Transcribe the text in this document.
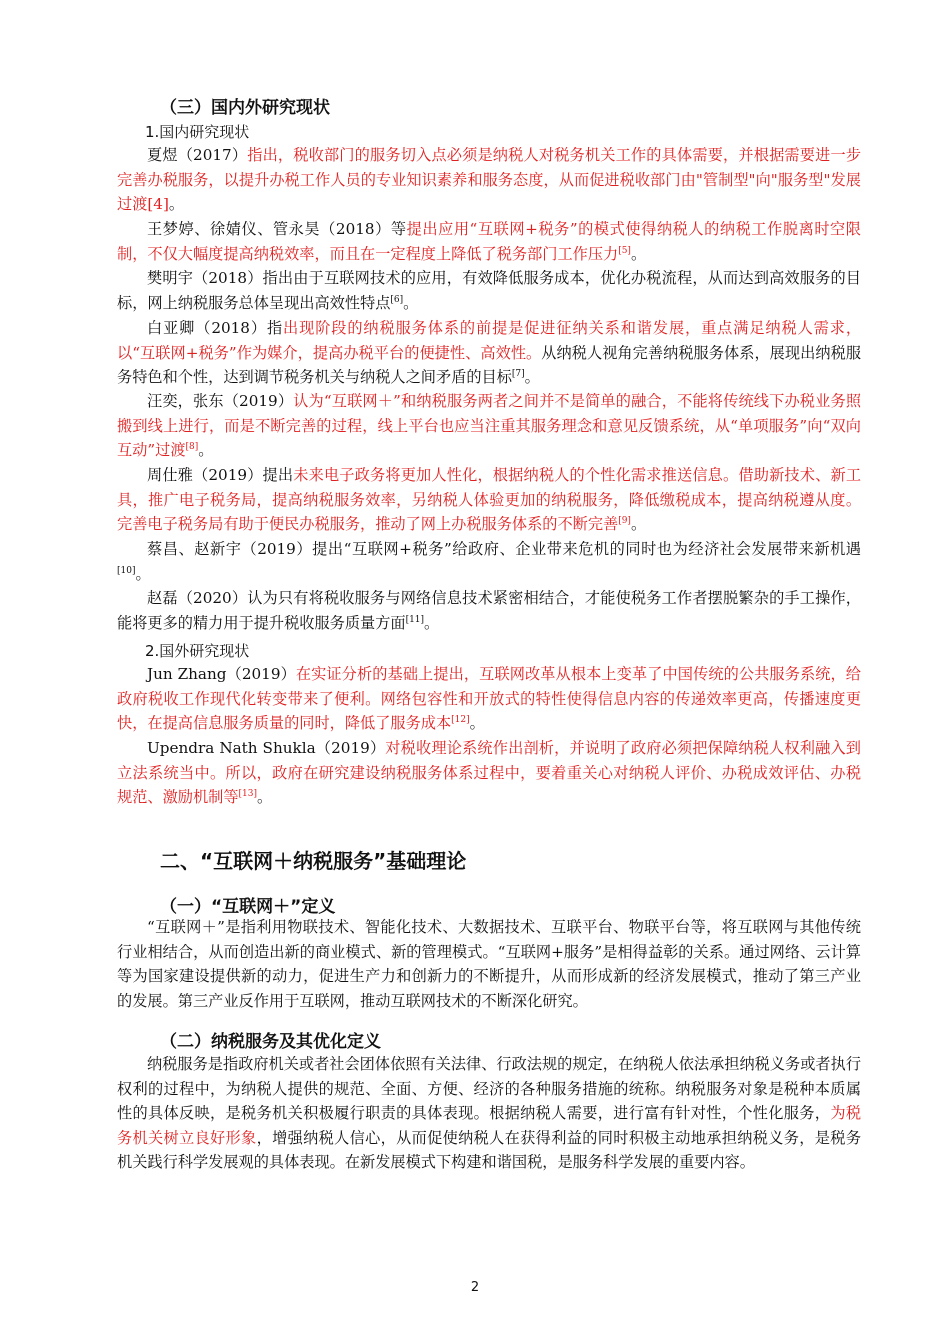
（三）国内外研究现状
1.国内研究现状

夏煜（2017）指出，税收部门的服务切入点必须是纳税人对税务机关工作的具体需要，并根据需要进一步完善办税服务，以提升办税工作人员的专业知识素养和服务态度，从而促进税收部门由"管制型"向"服务型"发展过渡[4]。

王梦婷、徐婧仪、管永昊（2018）等提出应用“互联网+税务”的模式使得纳税人的纳税工作脱离时空限制，不仅大幅度提高纳税效率，而且在一定程度上降低了税务部门工作压力[5]。

樊明宇（2018）指出由于互联网技术的应用，有效降低服务成本，优化办税流程，从而达到高效服务的目标，网上纳税服务总体呈现出高效性特点[6]。

白亚卿（2018）指出现阶段的纳税服务体系的前提是促进征纳关系和谐发展，重点满足纳税人需求，以“互联网+税务”作为媒介，提高办税平台的便捷性、高效性。从纳税人视角完善纳税服务体系，展现出纳税服务特色和个性，达到调节税务机关与纳税人之间矛盾的目标[7]。

汪奕，张东（2019）认为“互联网＋”和纳税服务两者之间并不是简单的融合，不能将传统线下办税业务照搬到线上进行，而是不断完善的过程，线上平台也应当注重其服务理念和意见反馈系统，从“单项服务”向“双向互动”过渡[8]。

周仕雅（2019）提出未来电子政务将更加人性化，根据纳税人的个性化需求推送信息。借助新技术、新工具，推广电子税务局，提高纳税服务效率，另纳税人体验更加的纳税服务，降低缴税成本，提高纳税遵从度。完善电子税务局有助于便民办税服务，推动了网上办税服务体系的不断完善[9]。

蔡昌、赵新宇（2019）提出“互联网+税务”给政府、企业带来危机的同时也为经济社会发展带来新机遇[10]。

赵磊（2020）认为只有将税收服务与网络信息技术紧密相结合，才能使税务工作者摆脱繁杂的手工操作，能将更多的精力用于提升税收服务质量方面[11]。

2.国外研究现状

Jun Zhang（2019）在实证分析的基础上提出，互联网改革从根本上变革了中国传统的公共服务系统，给政府税收工作现代化转变带来了便利。网络包容性和开放式的特性使得信息内容的传递效率更高，传播速度更快，在提高信息服务质量的同时，降低了服务成本[12]。

Upendra Nath Shukla（2019）对税收理论系统作出剖析，并说明了政府必须把保障纳税人权利融入到立法系统当中。所以，政府在研究建设纳税服务体系过程中，要着重关心对纳税人评价、办税成效评估、办税规范、激励机制等[13]。

二、“互联网＋纳税服务”基础理论
（一）“互联网＋”定义

“互联网＋”是指利用物联技术、智能化技术、大数据技术、互联平台、物联平台等，将互联网与其他传统行业相结合，从而创造出新的商业模式、新的管理模式。“互联网+服务”是相得益彰的关系。通过网络、云计算等为国家建设提供新的动力，促进生产力和创新力的不断提升，从而形成新的经济发展模式，推动了第三产业的发展。第三产业反作用于互联网，推动互联网技术的不断深化研究。

（二）纳税服务及其优化定义

纳税服务是指政府机关或者社会团体依照有关法律、行政法规的规定，在纳税人依法承担纳税义务或者执行权利的过程中，为纳税人提供的规范、全面、方便、经济的各种服务措施的统称。纳税服务对象是税种本质属性的具体反映，是税务机关积极履行职责的具体表现。根据纳税人需要，进行富有针对性，个性化服务，为税务机关树立良好形象，增强纳税人信心，从而促使纳税人在获得利益的同时积极主动地承担纳税义务，是税务机关践行科学发展观的具体表现。在新发展模式下构建和谐国税，是服务科学发展的重要内容。

2
